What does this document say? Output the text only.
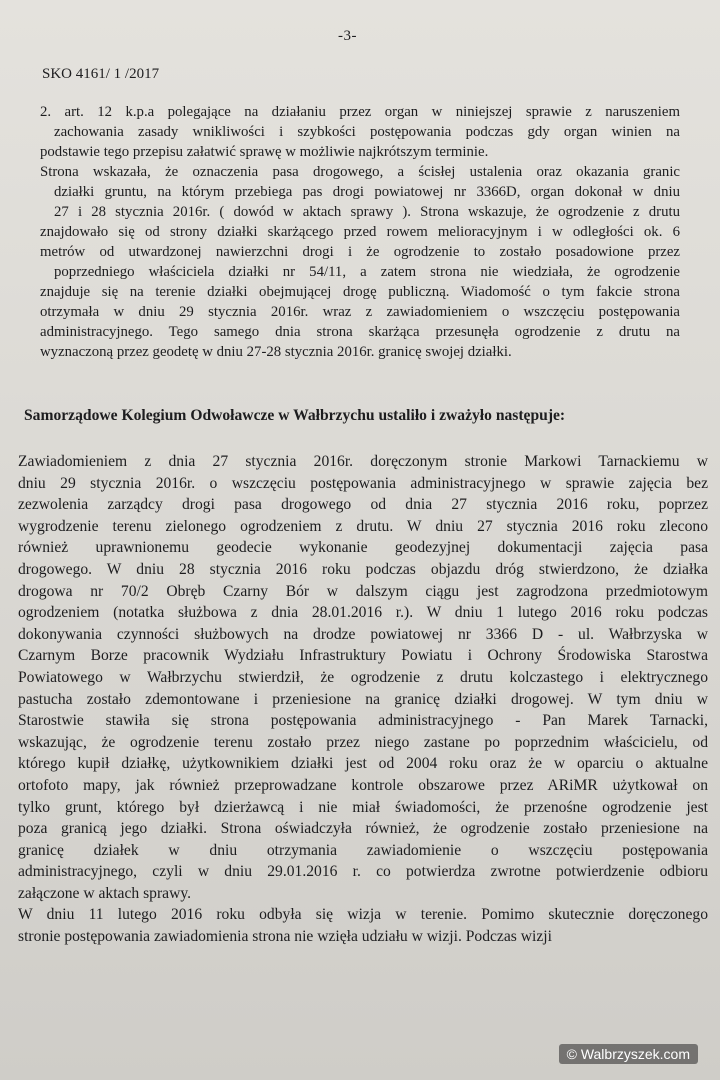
-3-
SKO 4161/ 1 /2017
2. art. 12 k.p.a polegające na działaniu przez organ w niniejszej sprawie z naruszeniem
zachowania zasady wnikliwości i szybkości postępowania podczas gdy organ winien na
podstawie tego przepisu załatwić sprawę w możliwie najkrótszym terminie.
Strona wskazała, że oznaczenia pasa drogowego, a ścisłej ustalenia oraz okazania granic
działki gruntu, na którym przebiega pas drogi powiatowej nr 3366D, organ dokonał w dniu
27 i 28 stycznia 2016r. ( dowód w aktach sprawy ). Strona wskazuje, że ogrodzenie z drutu
znajdowało się od strony działki skarżącego przed rowem melioracyjnym i w odległości ok. 6
metrów od utwardzonej nawierzchni drogi i że ogrodzenie to zostało posadowione przez
poprzedniego właściciela działki nr 54/11, a zatem strona nie wiedziała, że ogrodzenie
znajduje się na terenie działki obejmującej drogę publiczną. Wiadomość o tym fakcie strona
otrzymała w dniu 29 stycznia 2016r. wraz z zawiadomieniem o wszczęciu postępowania
administracyjnego. Tego samego dnia strona skarżąca przesunęła ogrodzenie z drutu na
wyznaczoną przez geodetę w dniu 27-28 stycznia 2016r. granicę swojej działki.
Samorządowe Kolegium Odwoławcze w Wałbrzychu ustaliło i zważyło następuje:
Zawiadomieniem z dnia 27 stycznia 2016r. doręczonym stronie Markowi Tarnackiemu w
dniu 29 stycznia 2016r. o wszczęciu postępowania administracyjnego w sprawie zajęcia bez
zezwolenia zarządcy drogi pasa drogowego od dnia 27 stycznia 2016 roku, poprzez
wygrodzenie terenu zielonego ogrodzeniem z drutu. W dniu 27 stycznia 2016 roku zlecono
również uprawnionemu geodecie wykonanie geodezyjnej dokumentacji zajęcia pasa
drogowego. W dniu 28 stycznia 2016 roku podczas objazdu dróg stwierdzono, że działka
drogowa nr 70/2 Obręb Czarny Bór w dalszym ciągu jest zagrodzona przedmiotowym
ogrodzeniem (notatka służbowa z dnia 28.01.2016 r.). W dniu 1 lutego 2016 roku podczas
dokonywania czynności służbowych na drodze powiatowej nr 3366 D - ul. Wałbrzyska w
Czarnym Borze pracownik Wydziału Infrastruktury Powiatu i Ochrony Środowiska Starostwa
Powiatowego w Wałbrzychu stwierdził, że ogrodzenie z drutu kolczastego i elektrycznego
pastucha zostało zdemontowane i przeniesione na granicę działki drogowej. W tym dniu w
Starostwie stawiła się strona postępowania administracyjnego - Pan Marek Tarnacki,
wskazując, że ogrodzenie terenu zostało przez niego zastane po poprzednim właścicielu, od
którego kupił działkę, użytkownikiem działki jest od 2004 roku oraz że w oparciu o aktualne
ortofoto mapy, jak również przeprowadzane kontrole obszarowe przez ARiMR użytkował on
tylko grunt, którego był dzierżawcą i nie miał świadomości, że przenośne ogrodzenie jest
poza granicą jego działki. Strona oświadczyła również, że ogrodzenie zostało przeniesione na
granicę działek w dniu otrzymania zawiadomienie o wszczęciu postępowania
administracyjnego, czyli w dniu 29.01.2016 r. co potwierdza zwrotne potwierdzenie odbioru
załączone w aktach sprawy.
W dniu 11 lutego 2016 roku odbyła się wizja w terenie. Pomimo skutecznie doręczonego
stronie postępowania zawiadomienia strona nie wzięła udziału w wizji. Podczas wizji
© Walbrzyszek.com
